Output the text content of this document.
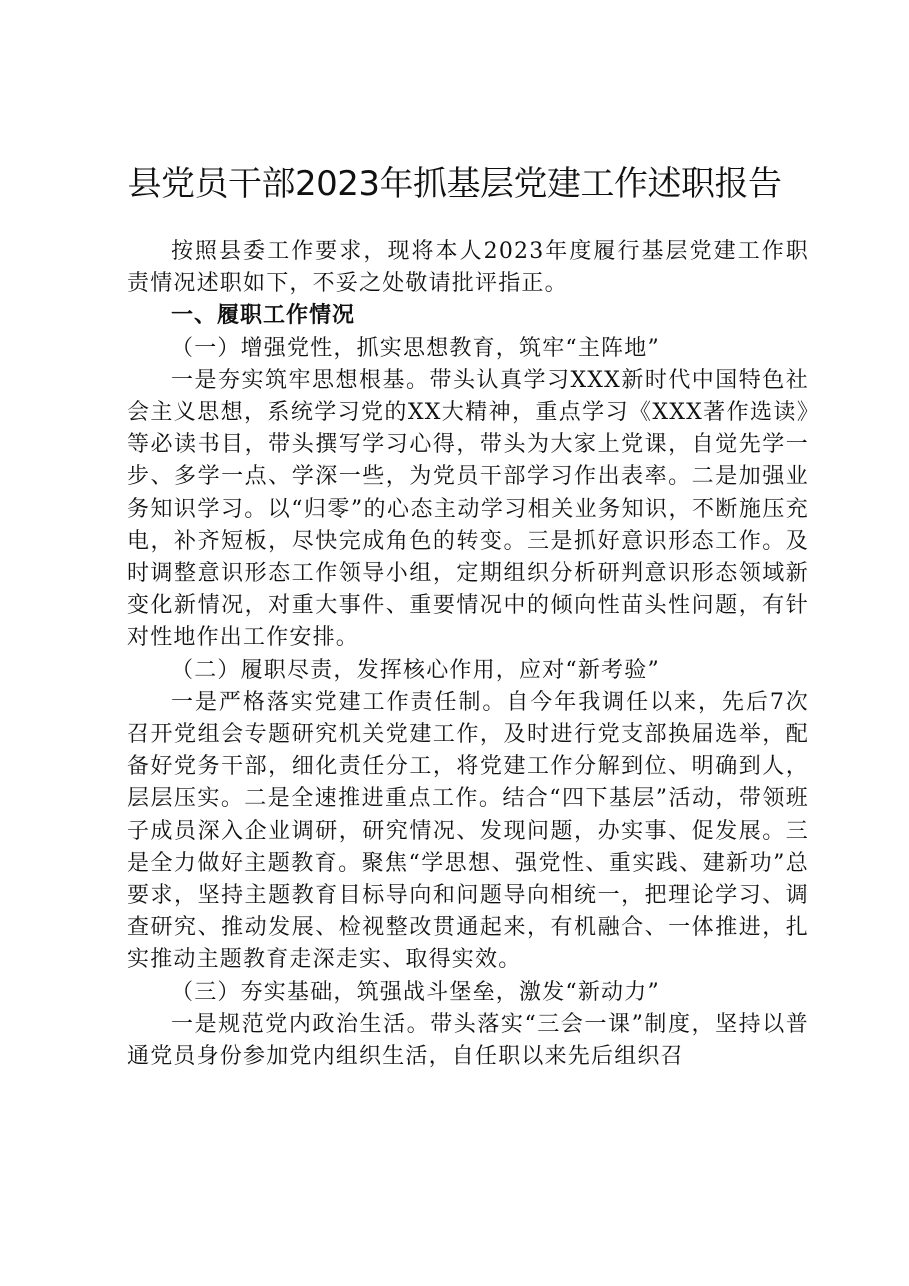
县党员干部2023年抓基层党建工作述职报告

按照县委工作要求，现将本人2023年度履行基层党建工作职责情况述职如下，不妥之处敬请批评指正。

一、履职工作情况
（一）增强党性，抓实思想教育，筑牢“主阵地”

一是夯实筑牢思想根基。带头认真学习XXX新时代中国特色社会主义思想，系统学习党的XX大精神，重点学习《XXX著作选读》等必读书目，带头撰写学习心得，带头为大家上党课，自觉先学一步、多学一点、学深一些，为党员干部学习作出表率。二是加强业务知识学习。以“归零”的心态主动学习相关业务知识，不断施压充电，补齐短板，尽快完成角色的转变。三是抓好意识形态工作。及时调整意识形态工作领导小组，定期组织分析研判意识形态领域新变化新情况，对重大事件、重要情况中的倾向性苗头性问题，有针对性地作出工作安排。

（二）履职尽责，发挥核心作用，应对“新考验”

一是严格落实党建工作责任制。自今年我调任以来，先后7次召开党组会专题研究机关党建工作，及时进行党支部换届选举，配备好党务干部，细化责任分工，将党建工作分解到位、明确到人，层层压实。二是全速推进重点工作。结合“四下基层”活动，带领班子成员深入企业调研，研究情况、发现问题，办实事、促发展。三是全力做好主题教育。聚焦“学思想、强党性、重实践、建新功”总要求，坚持主题教育目标导向和问题导向相统一，把理论学习、调查研究、推动发展、检视整改贯通起来，有机融合、一体推进，扎实推动主题教育走深走实、取得实效。

（三）夯实基础，筑强战斗堡垒，激发“新动力”

一是规范党内政治生活。带头落实“三会一课”制度，坚持以普通党员身份参加党内组织生活，自任职以来先后组织召
